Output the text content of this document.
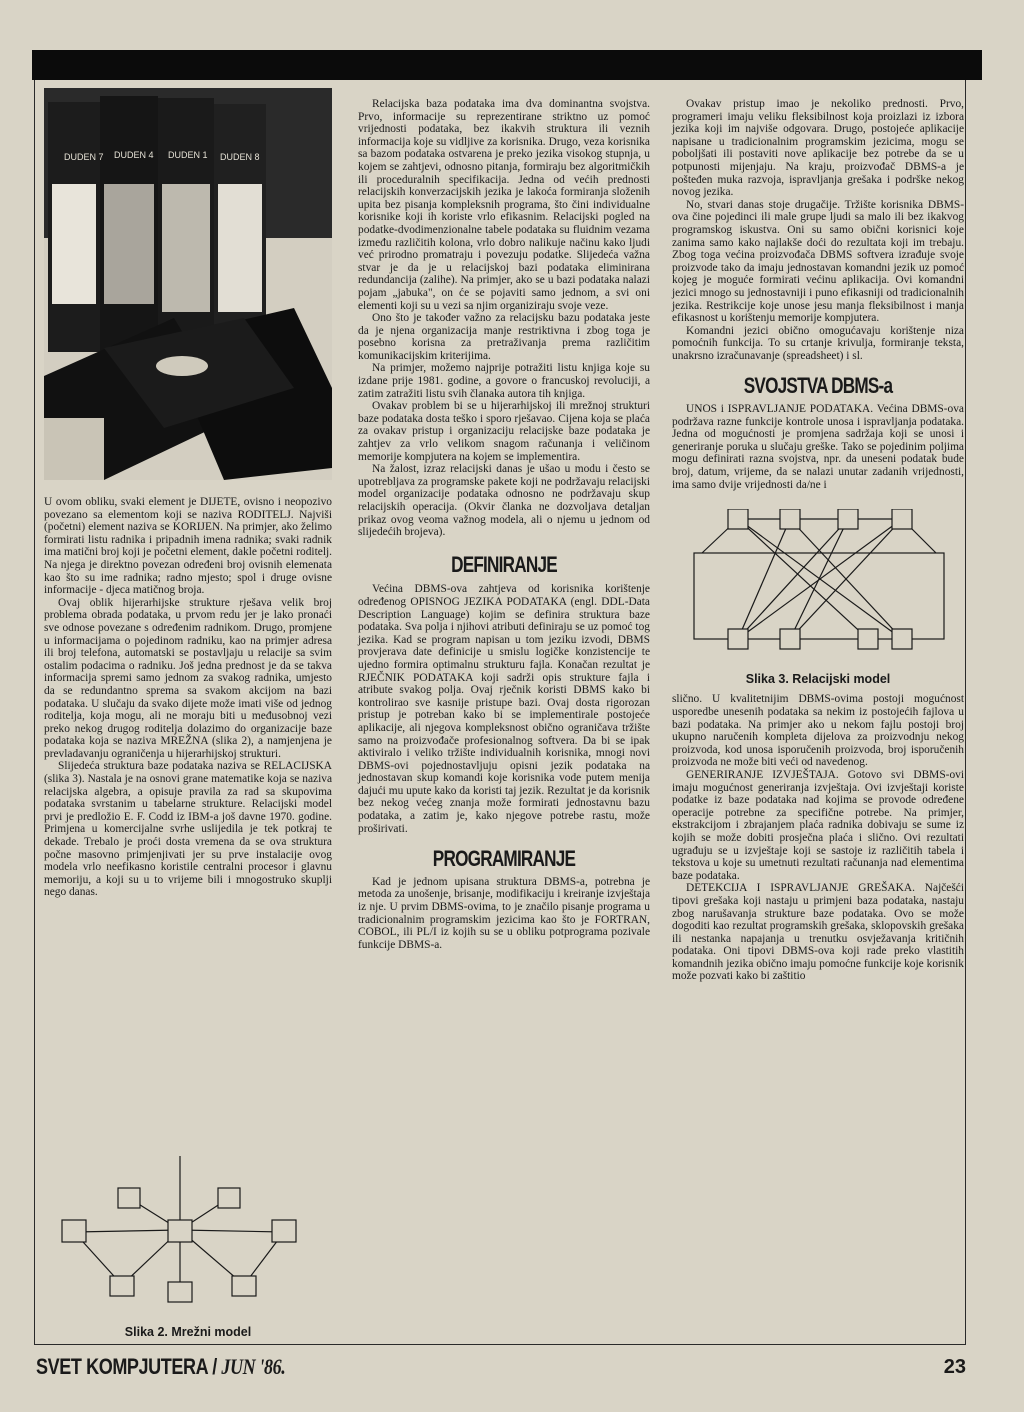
DUDEN 7 DUDEN 4 DUDEN 1 DUDEN 8

U ovom obliku, svaki element je DIJETE, ovisno i neopozivo povezano sa elementom koji se naziva RODITELJ. Najviši (početni) element naziva se KORIJEN. Na primjer, ako želimo formirati listu radnika i pripadnih imena radnika; svaki radnik ima matični broj koji je početni element, dakle početni roditelj. Na njega je direktno povezan određeni broj ovisnih elemenata kao što su ime radnika; radno mjesto; spol i druge ovisne informacije - djeca matičnog broja.

Ovaj oblik hijerarhijske strukture rješava velik broj problema obrada podataka, u prvom redu jer je lako pronaći sve odnose povezane s određenim radnikom. Drugo, promjene u informacijama o pojedinom radniku, kao na primjer adresa ili broj telefona, automatski se postavljaju u relacije sa svim ostalim podacima o radniku. Još jedna prednost je da se takva informacija spremi samo jednom za svakog radnika, umjesto da se redundantno sprema sa svakom akcijom na bazi podataka. U slučaju da svako dijete može imati više od jednog roditelja, koja mogu, ali ne moraju biti u međusobnoj vezi preko nekog drugog roditelja dolazimo do organizacije baze podataka koja se naziva MREŽNA (slika 2), a namjenjena je prevladavanju ograničenja u hijerarhijskoj strukturi.

Slijedeća struktura baze podataka naziva se RELACIJSKA (slika 3). Nastala je na osnovi grane matematike koja se naziva relacijska algebra, a opisuje pravila za rad sa skupovima podataka svrstanim u tabelarne strukture. Relacijski model prvi je predložio E. F. Codd iz IBM-a još davne 1970. godine. Primjena u komercijalne svrhe uslijedila je tek potkraj te dekade. Trebalo je proći dosta vremena da se ova struktura počne masovno primjenjivati jer su prve instalacije ovog modela vrlo neefikasno koristile centralni procesor i glavnu memoriju, a koji su u to vrijeme bili i mnogostruko skuplji nego danas.

Slika 2. Mrežni model

Relacijska baza podataka ima dva dominantna svojstva. Prvo, informacije su reprezentirane striktno uz pomoć vrijednosti podataka, bez ikakvih struktura ili veznih informacija koje su vidljive za korisnika. Drugo, veza korisnika sa bazom podataka ostvarena je preko jezika visokog stupnja, u kojem se zahtjevi, odnosno pitanja, formiraju bez algoritmičkih ili proceduralnih specifikacija. Jedna od većih prednosti relacijskih konverzacijskih jezika je lakoća formiranja složenih upita bez pisanja kompleksnih programa, što čini individualne korisnike koji ih koriste vrlo efikasnim. Relacijski pogled na podatke-dvodimenzionalne tabele podataka su fluidnim vezama između različitih kolona, vrlo dobro nalikuje načinu kako ljudi već prirodno promatraju i povezuju podatke. Slijedeća važna stvar je da je u relacijskoj bazi podataka eliminirana redundancija (zalihe). Na primjer, ako se u bazi podataka nalazi pojam „jabuka", on će se pojaviti samo jednom, a svi oni elementi koji su u vezi sa njim organiziraju svoje veze.

Ono što je također važno za relacijsku bazu podataka jeste da je njena organizacija manje restriktivna i zbog toga je posebno korisna za pretraživanja prema različitim komunikacijskim kriterijima.

Na primjer, možemo najprije potražiti listu knjiga koje su izdane prije 1981. godine, a govore o francuskoj revoluciji, a zatim zatražiti listu svih članaka autora tih knjiga.

Ovakav problem bi se u hijerarhijskoj ili mrežnoj strukturi baze podataka dosta teško i sporo rješavao. Cijena koja se plaća za ovakav pristup i organizaciju relacijske baze podataka je zahtjev za vrlo velikom snagom računanja i veličinom memorije kompjutera na kojem se implementira.

Na žalost, izraz relacijski danas je ušao u modu i često se upotrebljava za programske pakete koji ne podržavaju relacijski model organizacije podataka odnosno ne podržavaju skup relacijskih operacija. (Okvir članka ne dozvoljava detaljan prikaz ovog veoma važnog modela, ali o njemu u jednom od slijedećih brojeva).

DEFINIRANJE

Većina DBMS-ova zahtjeva od korisnika korištenje određenog OPISNOG JEZIKA PODATAKA (engl. DDL-Data Description Language) kojim se definira struktura baze podataka. Sva polja i njihovi atributi definiraju se uz pomoć tog jezika. Kad se program napisan u tom jeziku izvodi, DBMS provjerava date definicije u smislu logičke konzistencije te ujedno formira optimalnu strukturu fajla. Konačan rezultat je RJEČNIK PODATAKA koji sadrži opis strukture fajla i atribute svakog polja. Ovaj rječnik koristi DBMS kako bi kontrolirao sve kasnije pristupe bazi. Ovaj dosta rigorozan pristup je potreban kako bi se implementirale postojeće aplikacije, ali njegova kompleksnost obično ograničava tržište samo na proizvođače profesionalnog softvera. Da bi se ipak aktiviralo i veliko tržište individualnih korisnika, mnogi novi DBMS-ovi pojednostavljuju opisni jezik podataka na jednostavan skup komandi koje korisnika vode putem menija dajući mu upute kako da koristi taj jezik. Rezultat je da korisnik bez nekog većeg znanja može formirati jednostavnu bazu podataka, a zatim je, kako njegove potrebe rastu, može proširivati.

PROGRAMIRANJE

Kad je jednom upisana struktura DBMS-a, potrebna je metoda za unošenje, brisanje, modifikaciju i kreiranje izvještaja iz nje. U prvim DBMS-ovima, to je značilo pisanje programa u tradicionalnim programskim jezicima kao što je FORTRAN, COBOL, ili PL/I iz kojih su se u obliku potprograma pozivale funkcije DBMS-a.

Ovakav pristup imao je nekoliko prednosti. Prvo, programeri imaju veliku fleksibilnost koja proizlazi iz izbora jezika koji im najviše odgovara. Drugo, postojeće aplikacije napisane u tradicionalnim programskim jezicima, mogu se poboljšati ili postaviti nove aplikacije bez potrebe da se u potpunosti mijenjaju. Na kraju, proizvođač DBMS-a je pošteđen muka razvoja, ispravljanja grešaka i podrške nekog novog jezika.

No, stvari danas stoje drugačije. Tržište korisnika DBMS-ova čine pojedinci ili male grupe ljudi sa malo ili bez ikakvog programskog iskustva. Oni su samo obični korisnici koje zanima samo kako najlakše doći do rezultata koji im trebaju. Zbog toga većina proizvođača DBMS softvera izrađuje svoje proizvode tako da imaju jednostavan komandni jezik uz pomoć kojeg je moguće formirati većinu aplikacija. Ovi komandni jezici mnogo su jednostavniji i puno efikasniji od tradicionalnih jezika. Restrikcije koje unose jesu manja fleksibilnost i manja efikasnost u korištenju memorije kompjutera.

Komandni jezici obično omogućavaju korištenje niza pomoćnih funkcija. To su crtanje krivulja, formiranje teksta, unakrsno izračunavanje (spreadsheet) i sl.

SVOJSTVA DBMS-a

UNOS i ISPRAVLJANJE PODATAKA. Većina DBMS-ova podržava razne funkcije kontrole unosa i ispravljanja podataka. Jedna od mogućnosti je promjena sadržaja koji se unosi i generiranje poruka u slučaju greške. Tako se pojedinim poljima mogu definirati razna svojstva, npr. da uneseni podatak bude broj, datum, vrijeme, da se nalazi unutar zadanih vrijednosti, ima samo dvije vrijednosti da/ne i

Slika 3. Relacijski model

slično. U kvalitetnijim DBMS-ovima postoji mogućnost usporedbe unesenih podataka sa nekim iz postojećih fajlova u bazi podataka. Na primjer ako u nekom fajlu postoji broj ukupno naručenih kompleta dijelova za proizvodnju nekog proizvoda, kod unosa isporučenih proizvoda, broj isporučenih proizvoda ne može biti veći od navedenog.

GENERIRANJE IZVJEŠTAJA. Gotovo svi DBMS-ovi imaju mogućnost generiranja izvještaja. Ovi izvještaji koriste podatke iz baze podataka nad kojima se provode određene operacije potrebne za specifične potrebe. Na primjer, ekstrakcijom i zbrajanjem plaća radnika dobivaju se sume iz kojih se može dobiti prosječna plaća i slično. Ovi rezultati ugrađuju se u izvještaje koji se sastoje iz različitih tabela i tekstova u koje su umetnuti rezultati računanja nad elementima baze podataka.

DETEKCIJA I ISPRAVLJANJE GREŠAKA. Najčešći tipovi grešaka koji nastaju u primjeni baza podataka, nastaju zbog narušavanja strukture baze podataka. Ovo se može dogoditi kao rezultat programskih grešaka, sklopovskih grešaka ili nestanka napajanja u trenutku osvježavanja kritičnih podataka. Oni tipovi DBMS-ova koji rade preko vlastitih komandnih jezika obično imaju pomoćne funkcije koje korisnik može pozvati kako bi zaštitio

SVET KOMPJUTERA / JUN '86.	23
